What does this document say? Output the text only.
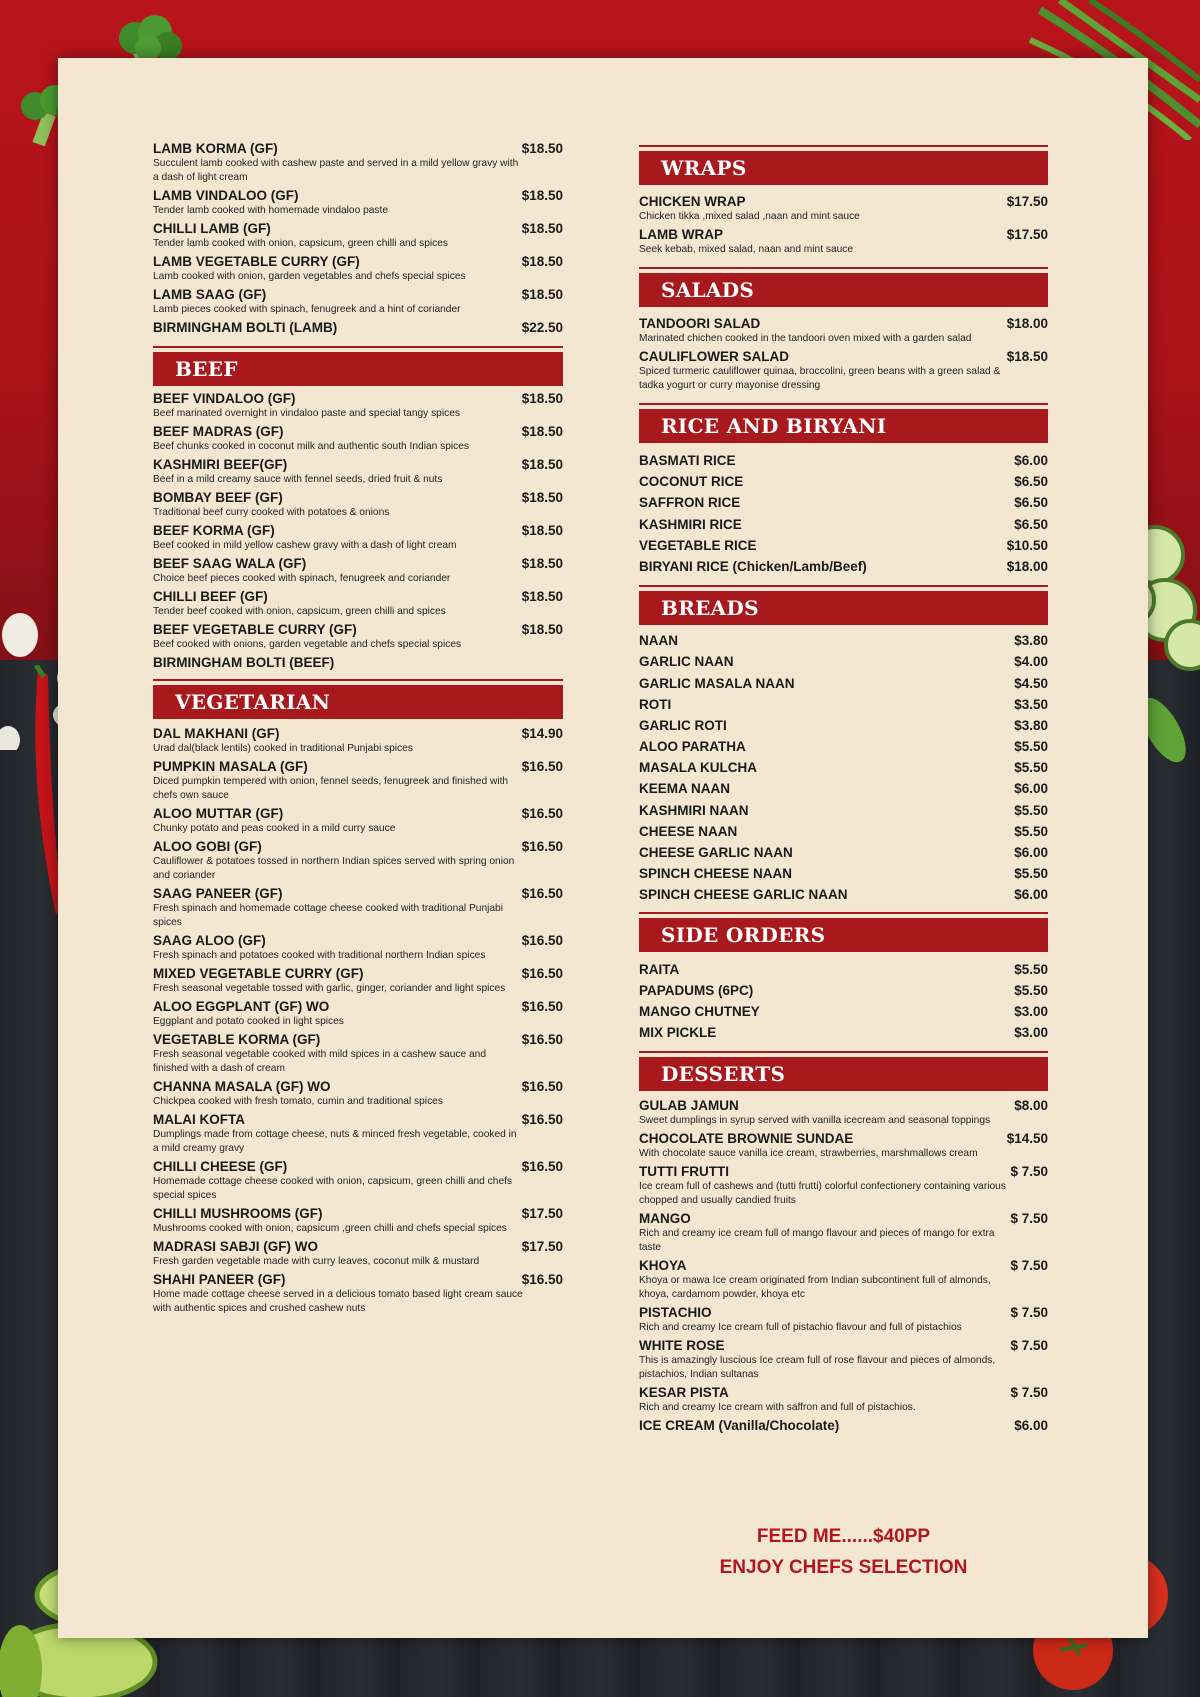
LAMB KORMA (GF)	$18.50
Succulent lamb cooked with cashew paste and served in a mild yellow gravy with a dash of light cream
LAMB VINDALOO (GF)	$18.50
Tender lamb cooked with homemade vindaloo paste
CHILLI LAMB (GF)	$18.50
Tender lamb cooked with onion, capsicum, green chilli and spices
LAMB VEGETABLE CURRY (GF)	$18.50
Lamb cooked with onion, garden vegetables and chefs special spices
LAMB SAAG (GF)	$18.50
Lamb pieces cooked with spinach, fenugreek and a hint of coriander
BIRMINGHAM BOLTI (LAMB)	$22.50
BEEF
BEEF VINDALOO (GF)	$18.50
Beef marinated overnight in vindaloo paste and special tangy spices
BEEF MADRAS (GF)	$18.50
Beef chunks cooked in coconut milk and authentic south Indian spices
KASHMIRI BEEF(GF)	$18.50
Beef in a mild creamy sauce with fennel seeds, dried fruit & nuts
BOMBAY BEEF (GF)	$18.50
Traditional beef curry cooked with potatoes & onions
BEEF KORMA (GF)	$18.50
Beef cooked in mild yellow cashew gravy with a dash of light cream
BEEF SAAG WALA (GF)	$18.50
Choice beef pieces cooked with spinach, fenugreek and coriander
CHILLI BEEF (GF)	$18.50
Tender beef cooked with onion, capsicum, green chilli and spices
BEEF VEGETABLE CURRY (GF)	$18.50
Beef cooked with onions, garden vegetable and chefs special spices
BIRMINGHAM BOLTI (BEEF)
VEGETARIAN
DAL MAKHANI (GF)	$14.90
Urad dal(black lentils) cooked in traditional Punjabi spices
PUMPKIN MASALA (GF)	$16.50
Diced pumpkin tempered with onion, fennel seeds, fenugreek and finished with chefs own sauce
ALOO MUTTAR (GF)	$16.50
Chunky potato and peas cooked in a mild curry sauce
ALOO GOBI (GF)	$16.50
Cauliflower & potatoes tossed in northern Indian spices served with spring onion and coriander
SAAG PANEER (GF)	$16.50
Fresh spinach and homemade cottage cheese cooked with traditional Punjabi spices
SAAG ALOO (GF)	$16.50
Fresh spinach and potatoes cooked with traditional northern Indian spices
MIXED VEGETABLE CURRY (GF)	$16.50
Fresh seasonal vegetable tossed with garlic, ginger, coriander and light spices
ALOO EGGPLANT (GF) WO	$16.50
Eggplant and potato cooked in light spices
VEGETABLE KORMA (GF)	$16.50
Fresh seasonal vegetable cooked with mild spices in a cashew sauce and finished with a dash of cream
CHANNA MASALA (GF) WO	$16.50
Chickpea cooked with fresh tomato, cumin and traditional spices
MALAI KOFTA	$16.50
Dumplings made from cottage cheese, nuts & minced fresh vegetable, cooked in a mild creamy gravy
CHILLI CHEESE (GF)	$16.50
Homemade cottage cheese cooked with onion, capsicum, green chilli and chefs special spices
CHILLI MUSHROOMS (GF)	$17.50
Mushrooms cooked with onion, capsicum ,green chilli and chefs special spices
MADRASI SABJI (GF) WO	$17.50
Fresh garden vegetable made with curry leaves, coconut milk & mustard
SHAHI PANEER (GF)	$16.50
Home made cottage cheese served in a delicious tomato based light cream sauce with authentic spices and crushed cashew nuts
WRAPS
CHICKEN WRAP	$17.50
Chicken tikka ,mixed salad ,naan and mint sauce
LAMB WRAP	$17.50
Seek kebab, mixed salad, naan and mint sauce
SALADS
TANDOORI SALAD	$18.00
Marinated chichen cooked in the tandoori oven mixed with a garden salad
CAULIFLOWER SALAD	$18.50
Spiced turmeric cauliflower quinaa, broccolini, green beans with a green salad & tadka yogurt or curry mayonise dressing
RICE AND BIRYANI
BASMATI RICE	$6.00
COCONUT RICE	$6.50
SAFFRON RICE	$6.50
KASHMIRI RICE	$6.50
VEGETABLE RICE	$10.50
BIRYANI RICE (Chicken/Lamb/Beef)	$18.00
BREADS
NAAN	$3.80
GARLIC NAAN	$4.00
GARLIC MASALA NAAN	$4.50
ROTI	$3.50
GARLIC ROTI	$3.80
ALOO PARATHA	$5.50
MASALA KULCHA	$5.50
KEEMA NAAN	$6.00
KASHMIRI NAAN	$5.50
CHEESE NAAN	$5.50
CHEESE GARLIC NAAN	$6.00
SPINCH CHEESE NAAN	$5.50
SPINCH CHEESE GARLIC NAAN	$6.00
SIDE ORDERS
RAITA	$5.50
PAPADUMS (6PC)	$5.50
MANGO CHUTNEY	$3.00
MIX PICKLE	$3.00
DESSERTS
GULAB JAMUN	$8.00
Sweet dumplings in syrup served with vanilla icecream and seasonal toppings
CHOCOLATE BROWNIE SUNDAE	$14.50
With chocolate sauce vanilla ice cream, strawberries, marshmallows cream
TUTTI FRUTTI	$ 7.50
Ice cream full of cashews and (tutti frutti) colorful confectionery containing various chopped and usually candied fruits
MANGO	$ 7.50
Rich and creamy ice cream full of mango flavour and pieces of mango for extra taste
KHOYA	$ 7.50
Khoya or mawa Ice cream originated from Indian subcontinent full of almonds, khoya, cardamom powder, khoya etc
PISTACHIO	$ 7.50
Rich and creamy Ice cream full of pistachio flavour and full of pistachios
WHITE ROSE	$ 7.50
This is amazingly luscious Ice cream full of rose flavour and pieces of almonds, pistachios, Indian sultanas
KESAR PISTA	$ 7.50
Rich and creamy Ice cream with saffron and full of pistachios.
ICE CREAM (Vanilla/Chocolate)	$6.00
FEED ME......$40PP
ENJOY CHEFS SELECTION
